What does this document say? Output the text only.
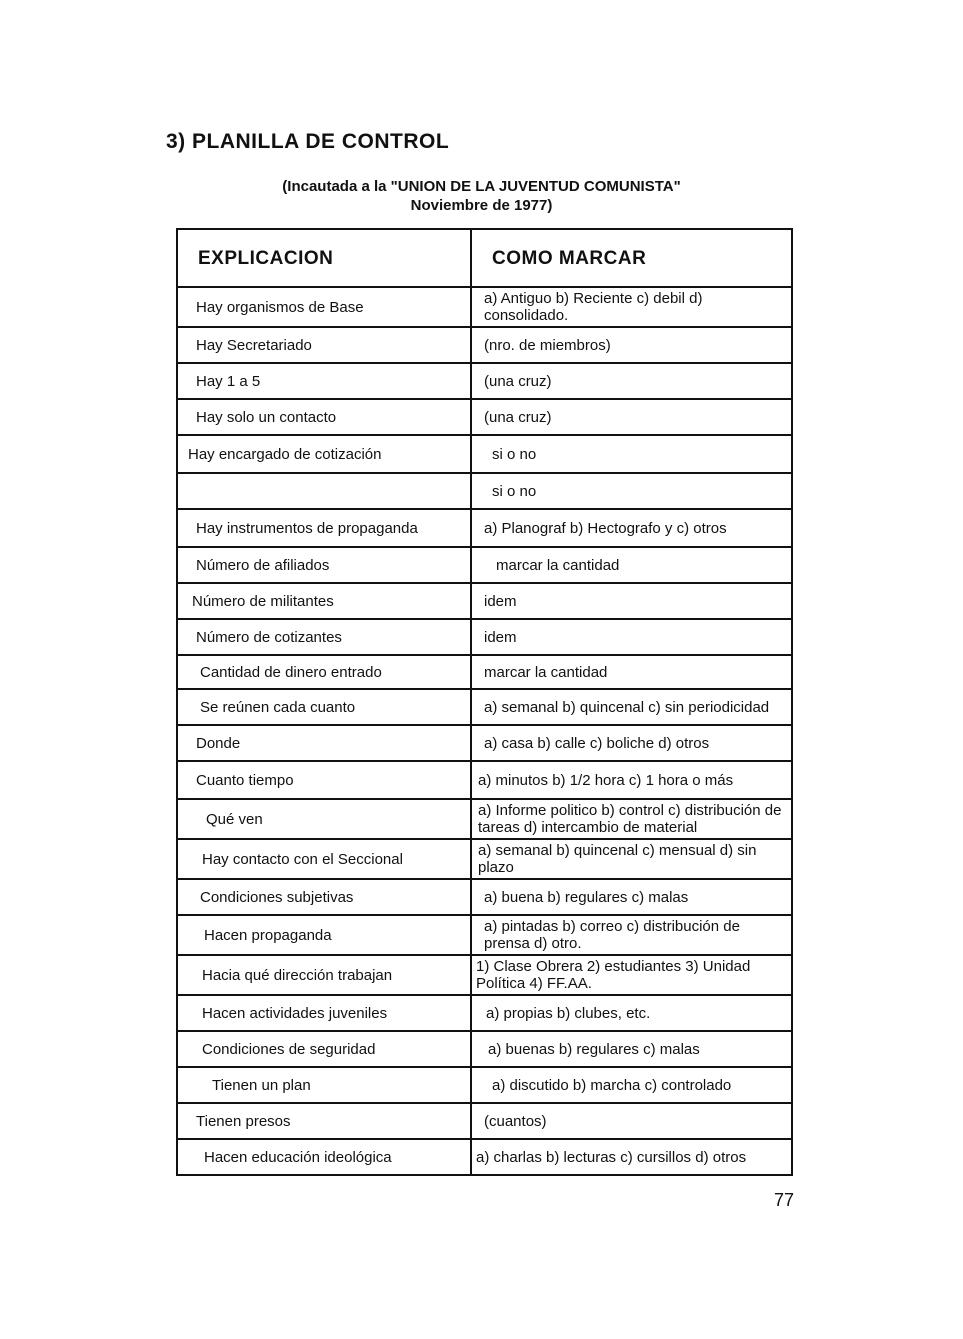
3) PLANILLA DE CONTROL
(Incautada a la "UNION DE LA JUVENTUD COMUNISTA"
Noviembre de 1977)
EXPLICACION	COMO MARCAR
Hay organismos de Base	a) Antiguo b) Reciente c) debil d) consolidado.
Hay Secretariado	(nro. de miembros)
Hay 1 a 5	(una cruz)
Hay solo un contacto	(una cruz)
Hay encargado de cotización	si o no
	si o no
Hay instrumentos de propaganda	a) Planograf b) Hectografo y c) otros
Número de afiliados	marcar la cantidad
Número de militantes	idem
Número de cotizantes	idem
Cantidad de dinero entrado	marcar la cantidad
Se reúnen cada cuanto	a) semanal b) quincenal c) sin periodicidad
Donde	a) casa b) calle c) boliche d) otros
Cuanto tiempo	a) minutos b) 1/2 hora c) 1 hora o más
Qué ven	a) Informe politico b) control c) distribución de tareas d) intercambio de material
Hay contacto con el Seccional	a) semanal b) quincenal c) mensual d) sin plazo
Condiciones subjetivas	a) buena b) regulares c) malas
Hacen propaganda	a) pintadas b) correo c) distribución de prensa d) otro.
Hacia qué dirección trabajan	1) Clase Obrera 2) estudiantes 3) Unidad Política 4) FF.AA.
Hacen actividades juveniles	a) propias b) clubes, etc.
Condiciones de seguridad	a) buenas b) regulares c) malas
Tienen un plan	a) discutido b) marcha c) controlado
Tienen presos	(cuantos)
Hacen educación ideológica	a) charlas b) lecturas c) cursillos d) otros
77
